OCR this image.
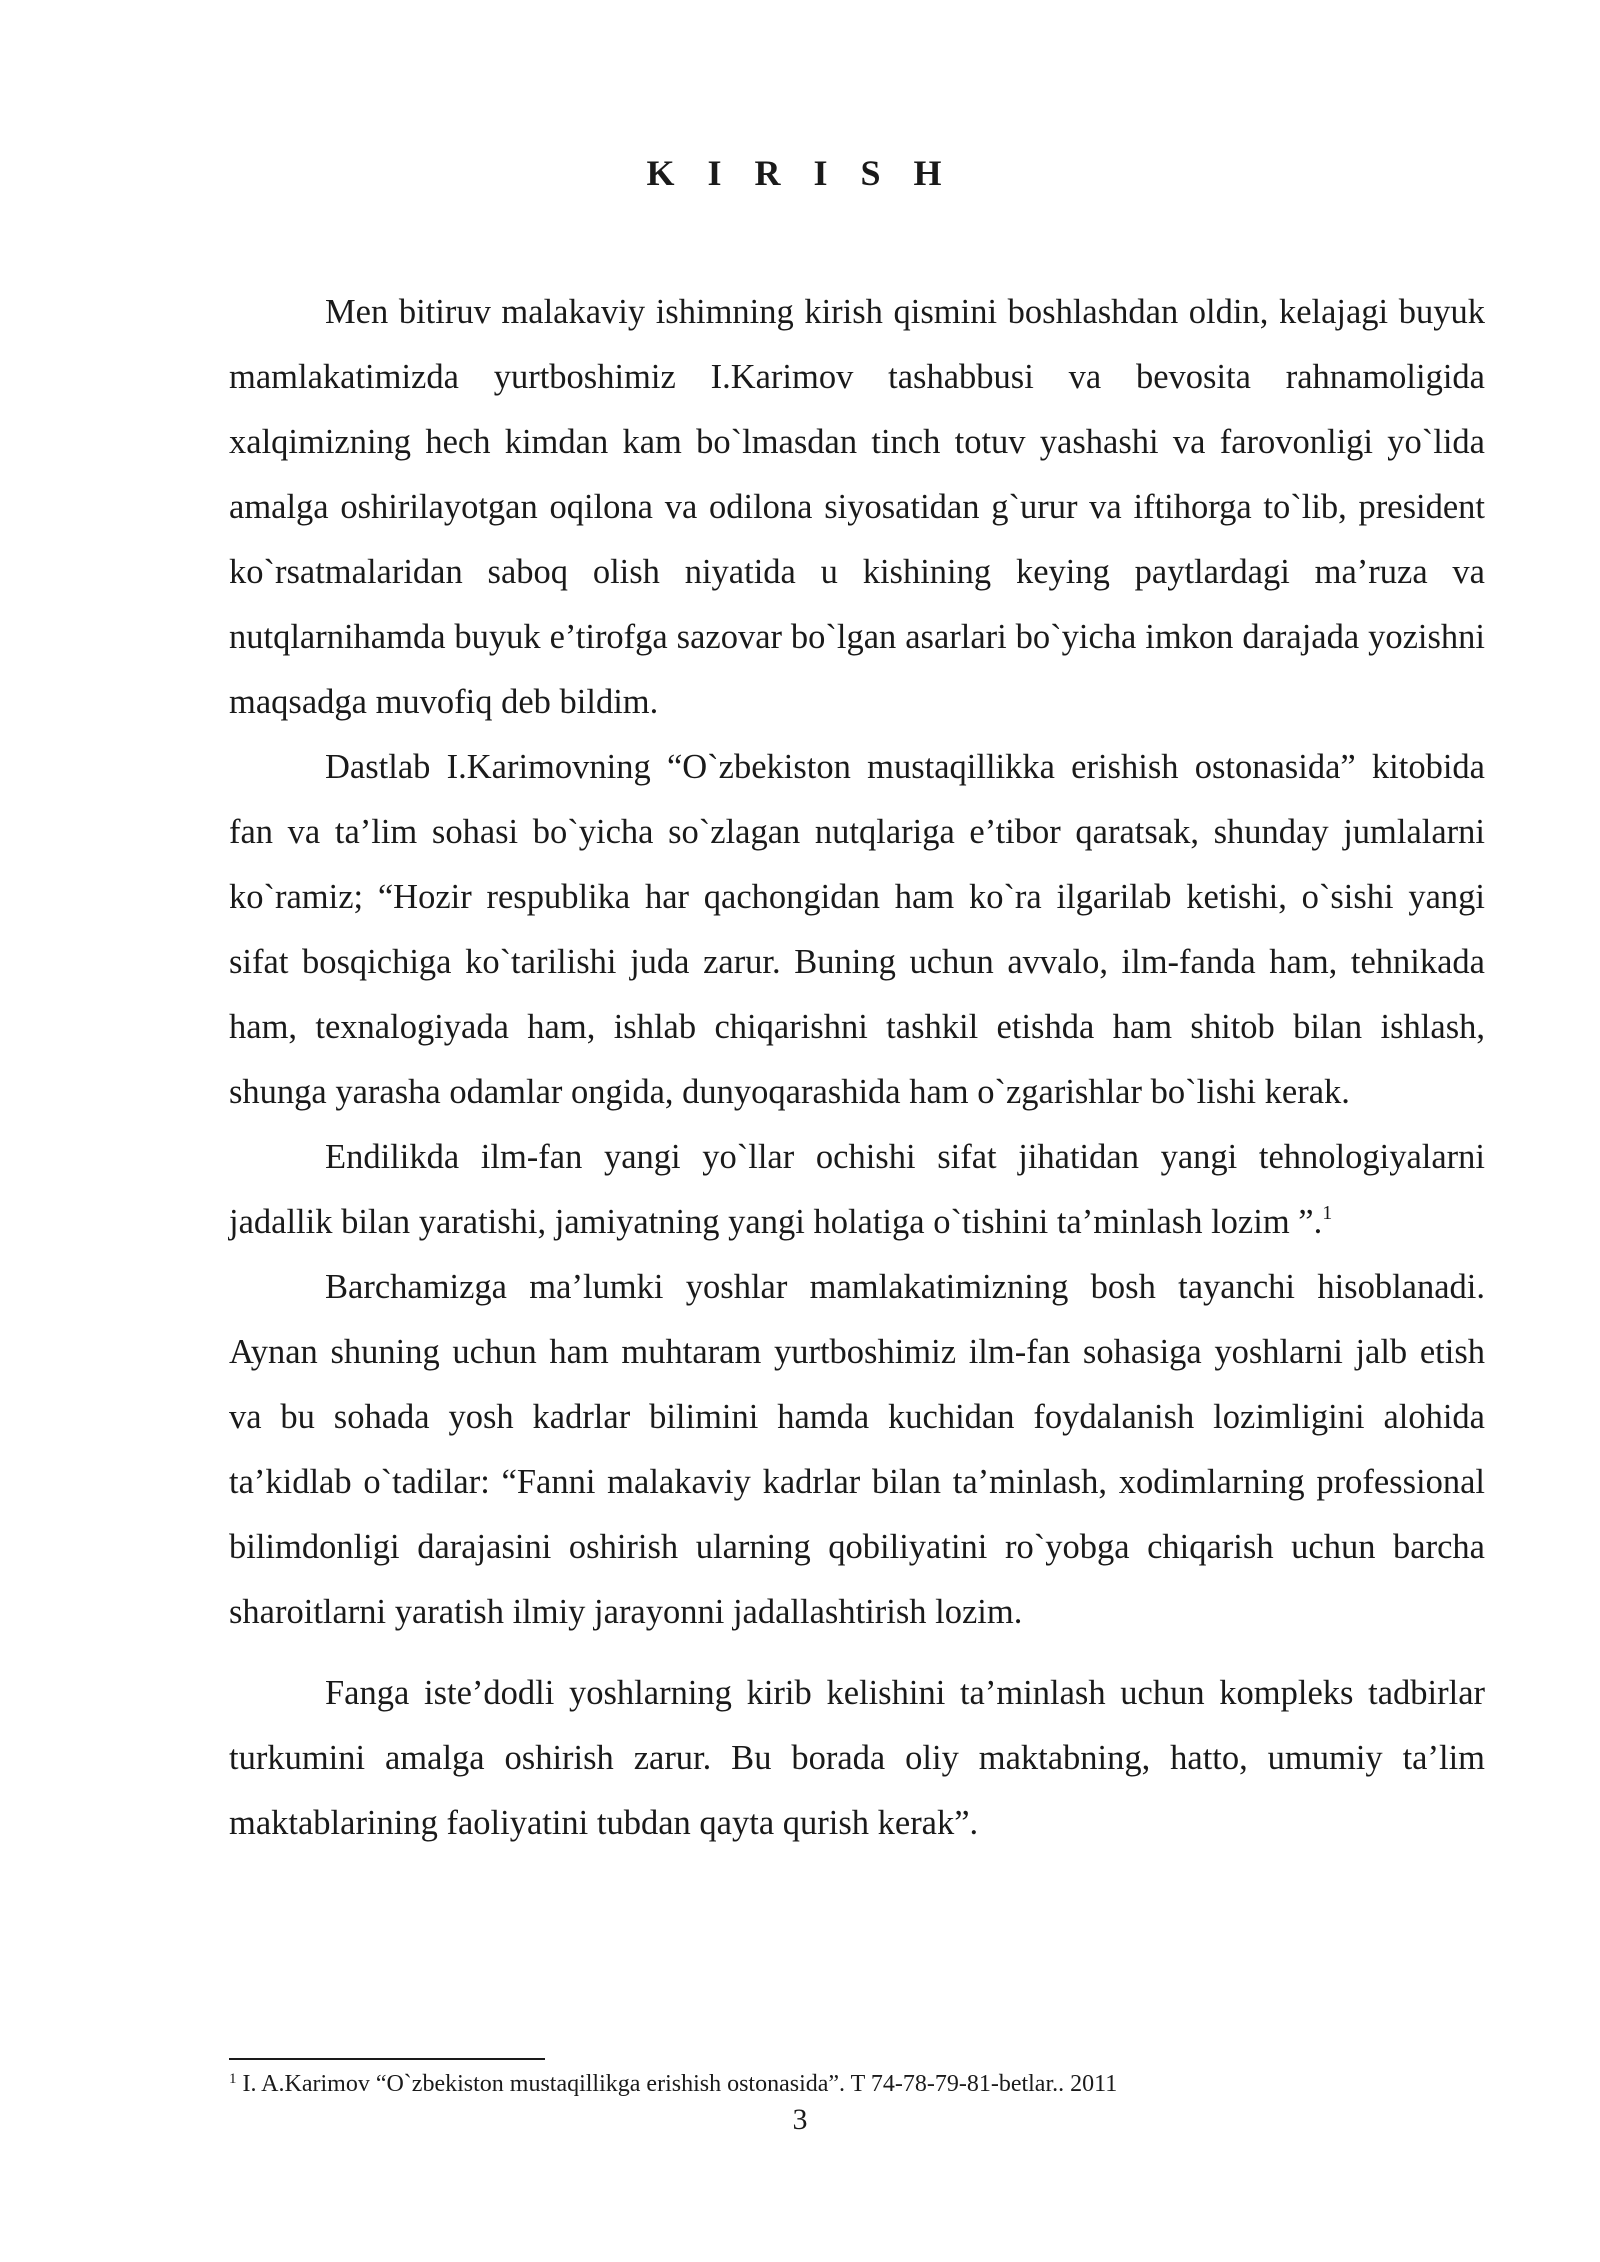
K I R I S H

Men bitiruv malakaviy ishimning kirish qismini boshlashdan oldin, kelajagi buyuk mamlakatimizda yurtboshimiz I.Karimov tashabbusi va bevosita rahnamoligida xalqimizning hech kimdan kam bo`lmasdan tinch totuv yashashi va farovonligi yo`lida amalga oshirilayotgan oqilona va odilona siyosatidan g`urur va iftihorga to`lib, president ko`rsatmalaridan saboq olish niyatida u kishining keying paytlardagi ma’ruza va nutqlarnihamda buyuk e’tirofga sazovar bo`lgan asarlari bo`yicha imkon darajada yozishni maqsadga muvofiq deb bildim.

Dastlab I.Karimovning “O`zbekiston mustaqillikka erishish ostonasida” kitobida fan va ta’lim sohasi bo`yicha so`zlagan nutqlariga e’tibor qaratsak, shunday jumlalarni ko`ramiz; “Hozir respublika har qachongidan ham ko`ra ilgarilab ketishi, o`sishi yangi sifat bosqichiga ko`tarilishi juda zarur. Buning uchun avvalo, ilm-fanda ham, tehnikada ham, texnalogiyada ham, ishlab chiqarishni tashkil etishda ham shitob bilan ishlash, shunga yarasha odamlar ongida, dunyoqarashida ham o`zgarishlar bo`lishi kerak.

Endilikda ilm-fan yangi yo`llar ochishi sifat jihatidan yangi tehnologiyalarni jadallik bilan yaratishi, jamiyatning yangi holatiga o`tishini ta’minlash lozim ”.$^1$

Barchamizga ma’lumki yoshlar mamlakatimizning bosh tayanchi hisoblanadi. Aynan shuning uchun ham muhtaram yurtboshimiz ilm-fan sohasiga yoshlarni jalb etish va bu sohada yosh kadrlar bilimini hamda kuchidan foydalanish lozimligini alohida ta’kidlab o`tadilar: “Fanni malakaviy kadrlar bilan ta’minlash, xodimlarning professional bilimdonligi darajasini oshirish ularning qobiliyatini ro`yobga chiqarish uchun barcha sharoitlarni yaratish ilmiy jarayonni jadallashtirish lozim.

Fanga iste’dodli yoshlarning kirib kelishini ta’minlash uchun kompleks tadbirlar turkumini amalga oshirish zarur. Bu borada oliy maktabning, hatto, umumiy ta’lim maktablarining faoliyatini tubdan qayta qurish kerak”.

$^1$ I. A.Karimov “O`zbekiston mustaqillikga erishish ostonasida”. T 74-78-79-81-betlar.. 2011

3
